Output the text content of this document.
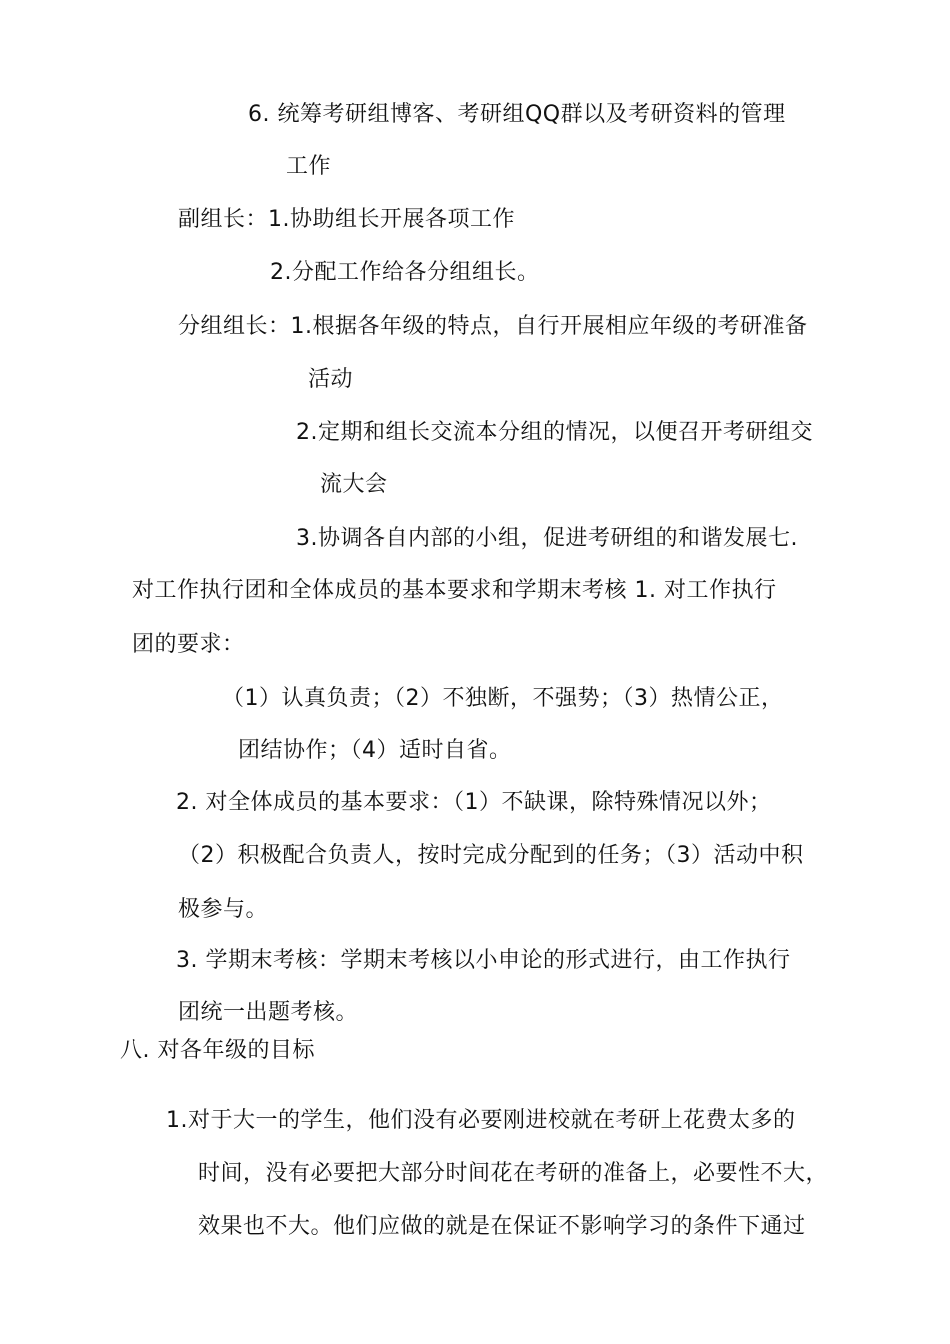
6. 统筹考研组博客、考研组QQ群以及考研资料的管理
工作
副组长：1.协助组长开展各项工作
2.分配工作给各分组组长。
分组组长：1.根据各年级的特点，自行开展相应年级的考研准备
活动
2.定期和组长交流本分组的情况，以便召开考研组交
流大会
3.协调各自内部的小组，促进考研组的和谐发展七.
对工作执行团和全体成员的基本要求和学期末考核 1. 对工作执行
团的要求：
（1）认真负责；（2）不独断，不强势；（3）热情公正，
团结协作；（4）适时自省。
2. 对全体成员的基本要求：（1）不缺课，除特殊情况以外；
（2）积极配合负责人，按时完成分配到的任务；（3）活动中积
极参与。
3. 学期末考核：学期末考核以小申论的形式进行，由工作执行
团统一出题考核。
八. 对各年级的目标
1.对于大一的学生，他们没有必要刚进校就在考研上花费太多的
时间，没有必要把大部分时间花在考研的准备上，必要性不大，
效果也不大。他们应做的就是在保证不影响学习的条件下通过
